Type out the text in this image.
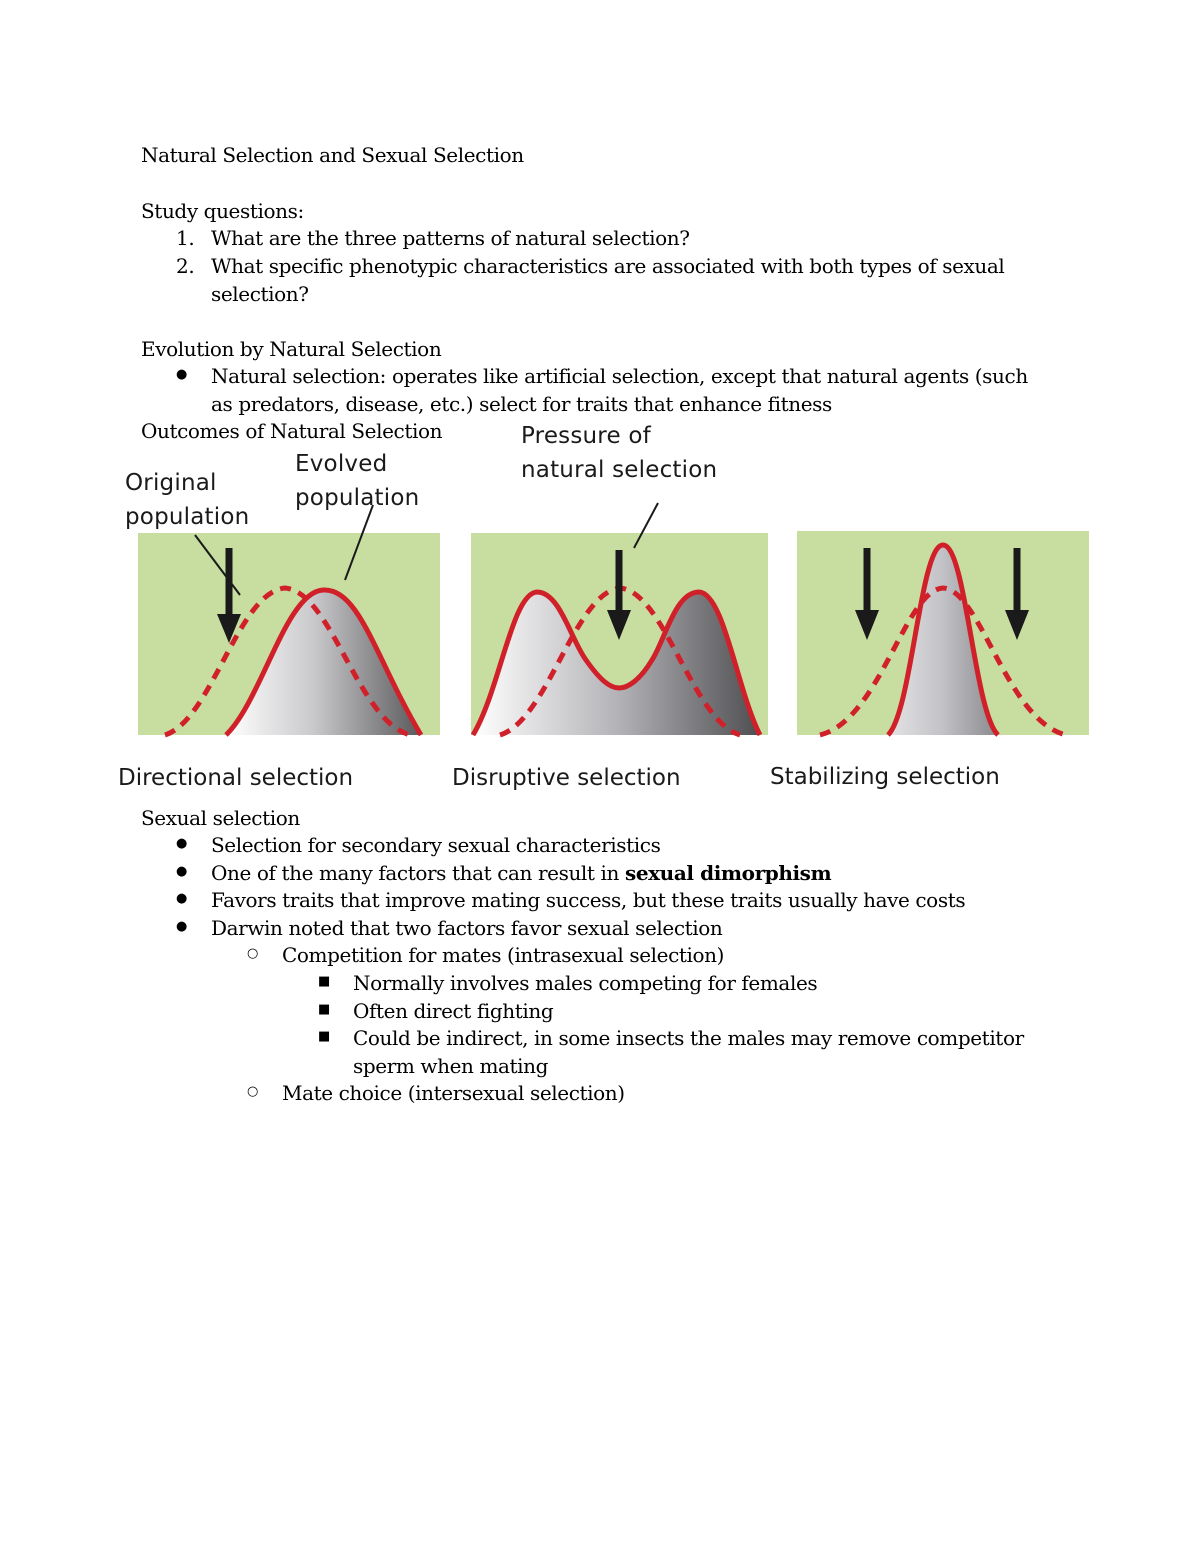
Natural Selection and Sexual Selection
Study questions:
1. What are the three patterns of natural selection?
2. What specific phenotypic characteristics are associated with both types of sexual
selection?
Evolution by Natural Selection
● Natural selection: operates like artificial selection, except that natural agents (such
as predators, disease, etc.) select for traits that enhance fitness
Outcomes of Natural Selection
Original
population
Evolved
population
Pressure of
natural selection
Directional selection	Disruptive selection	Stabilizing selection
Sexual selection
● Selection for secondary sexual characteristics
● One of the many factors that can result in sexual dimorphism
● Favors traits that improve mating success, but these traits usually have costs
● Darwin noted that two factors favor sexual selection
○ Competition for mates (intrasexual selection)
■ Normally involves males competing for females
■ Often direct fighting
■ Could be indirect, in some insects the males may remove competitor
sperm when mating
○ Mate choice (intersexual selection)
